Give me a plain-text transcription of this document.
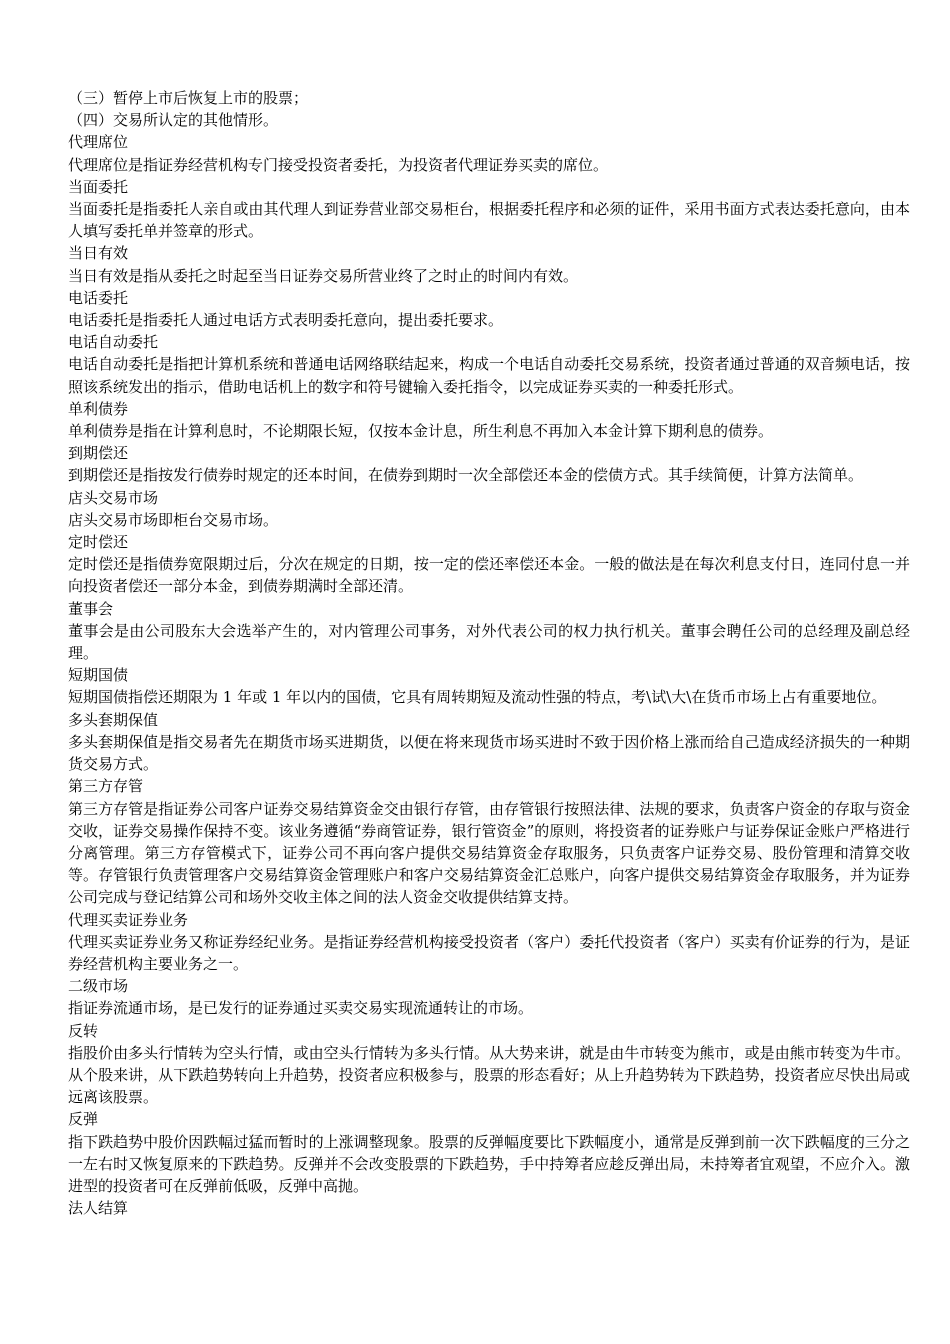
（三）暂停上市后恢复上市的股票；

（四）交易所认定的其他情形。

代理席位

代理席位是指证券经营机构专门接受投资者委托，为投资者代理证券买卖的席位。

当面委托

当面委托是指委托人亲自或由其代理人到证券营业部交易柜台，根据委托程序和必须的证件，采用书面方式表达委托意向，由本人填写委托单并签章的形式。

当日有效

当日有效是指从委托之时起至当日证券交易所营业终了之时止的时间内有效。

电话委托

电话委托是指委托人通过电话方式表明委托意向，提出委托要求。

电话自动委托

电话自动委托是指把计算机系统和普通电话网络联结起来，构成一个电话自动委托交易系统，投资者通过普通的双音频电话，按照该系统发出的指示，借助电话机上的数字和符号键输入委托指令，以完成证券买卖的一种委托形式。

单利债券

单利债券是指在计算利息时，不论期限长短，仅按本金计息，所生利息不再加入本金计算下期利息的债券。

到期偿还

到期偿还是指按发行债券时规定的还本时间，在债券到期时一次全部偿还本金的偿债方式。其手续简便，计算方法简单。

店头交易市场

店头交易市场即柜台交易市场。

定时偿还

定时偿还是指债券宽限期过后，分次在规定的日期，按一定的偿还率偿还本金。一般的做法是在每次利息支付日，连同付息一并向投资者偿还一部分本金，到债券期满时全部还清。

董事会

董事会是由公司股东大会选举产生的，对内管理公司事务，对外代表公司的权力执行机关。董事会聘任公司的总经理及副总经理。

短期国债

短期国债指偿还期限为 1 年或 1 年以内的国债，它具有周转期短及流动性强的特点，考\试\大\在货币市场上占有重要地位。

多头套期保值

多头套期保值是指交易者先在期货市场买进期货，以便在将来现货市场买进时不致于因价格上涨而给自己造成经济损失的一种期货交易方式。

第三方存管

第三方存管是指证券公司客户证券交易结算资金交由银行存管，由存管银行按照法律、法规的要求，负责客户资金的存取与资金交收，证券交易操作保持不变。该业务遵循“券商管证券，银行管资金”的原则，将投资者的证券账户与证券保证金账户严格进行分离管理。第三方存管模式下，证券公司不再向客户提供交易结算资金存取服务，只负责客户证券交易、股份管理和清算交收等。存管银行负责管理客户交易结算资金管理账户和客户交易结算资金汇总账户，向客户提供交易结算资金存取服务，并为证券公司完成与登记结算公司和场外交收主体之间的法人资金交收提供结算支持。

代理买卖证券业务

代理买卖证券业务又称证券经纪业务。是指证券经营机构接受投资者（客户）委托代投资者（客户）买卖有价证券的行为，是证券经营机构主要业务之一。

二级市场

指证券流通市场，是已发行的证券通过买卖交易实现流通转让的市场。

反转

指股价由多头行情转为空头行情，或由空头行情转为多头行情。从大势来讲，就是由牛市转变为熊市，或是由熊市转变为牛市。从个股来讲，从下跌趋势转向上升趋势，投资者应积极参与，股票的形态看好；从上升趋势转为下跌趋势，投资者应尽快出局或远离该股票。

反弹

指下跌趋势中股价因跌幅过猛而暂时的上涨调整现象。股票的反弹幅度要比下跌幅度小，通常是反弹到前一次下跌幅度的三分之一左右时又恢复原来的下跌趋势。反弹并不会改变股票的下跌趋势，手中持筹者应趁反弹出局，未持筹者宜观望，不应介入。激进型的投资者可在反弹前低吸，反弹中高抛。

法人结算
